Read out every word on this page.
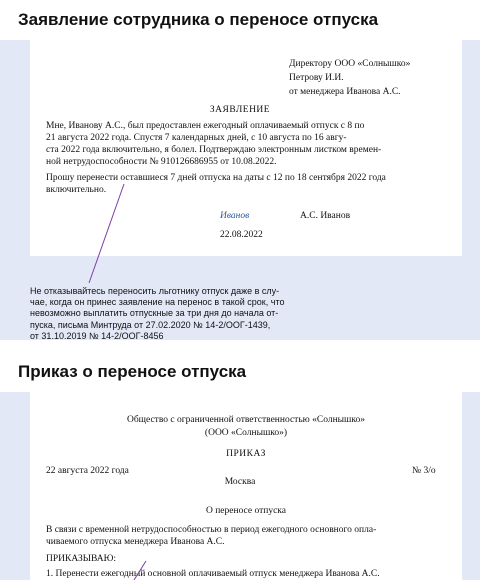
Заявление сотрудника о переносе отпуска
Директору ООО «Солнышко»
Петрову И.И.
от менеджера Иванова А.С.
ЗАЯВЛЕНИЕ
Мне, Иванову А.С., был предоставлен ежегодный оплачиваемый отпуск с 8 по
21 августа 2022 года. Спустя 7 календарных дней, с 10 августа по 16 авгу-
ста 2022 года включительно, я болел. Подтверждаю электронным листком времен-
ной нетрудоспособности № 910126686955 от 10.08.2022.
Прошу перенести оставшиеся 7 дней отпуска на даты с 12 по 18 сентября 2022 года
включительно.
Иванов	А.С. Иванов
22.08.2022
Не отказывайтесь переносить льготнику отпуск даже в слу-
чае, когда он принес заявление на перенос в такой срок, что
невозможно выплатить отпускные за три дня до начала от-
пуска, письма Минтруда от 27.02.2020 № 14-2/ООГ-1439,
от 31.10.2019 № 14-2/ООГ-8456
Приказ о переносе отпуска
Общество с ограниченной ответственностью «Солнышко»
(ООО «Солнышко»)
ПРИКАЗ
22 августа 2022 года	№ 3/о
Москва
О переносе отпуска
В связи с временной нетрудоспособностью в период ежегодного основного опла-
чиваемого отпуска менеджера Иванова А.С.
ПРИКАЗЫВАЮ:
1. Перенести ежегодный основной оплачиваемый отпуск менеджера Иванова А.С.
